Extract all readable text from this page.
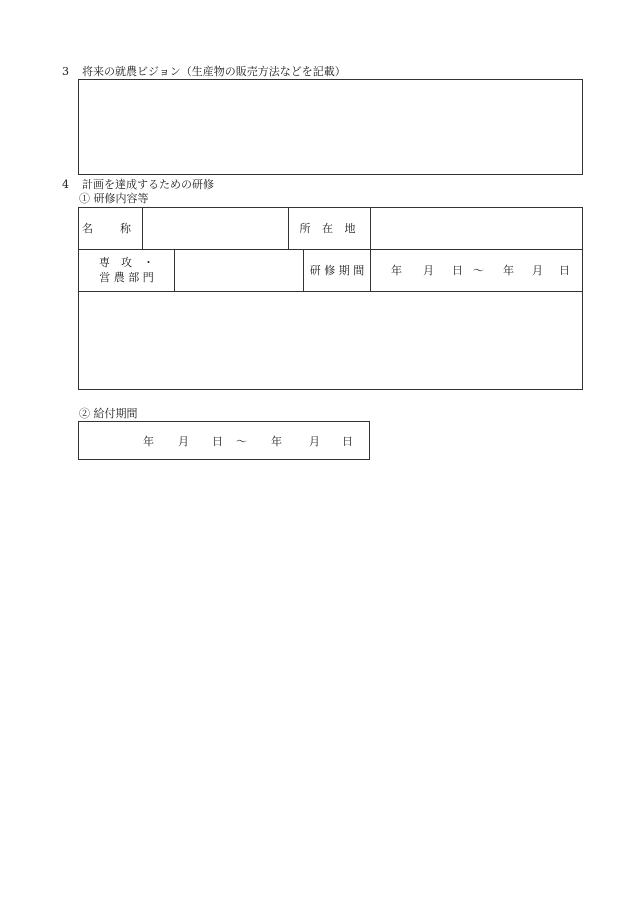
3 将来の就農ビジョン（生産物の販売方法などを記載）
4 計画を達成するための研修
① 研修内容等
名　称	所 在 地
専　攻　・
営 農 部 門
研 修 期 間	年 月 日 ～ 年 月 日
② 給付期間
年 月 日 ～ 年 月 日
